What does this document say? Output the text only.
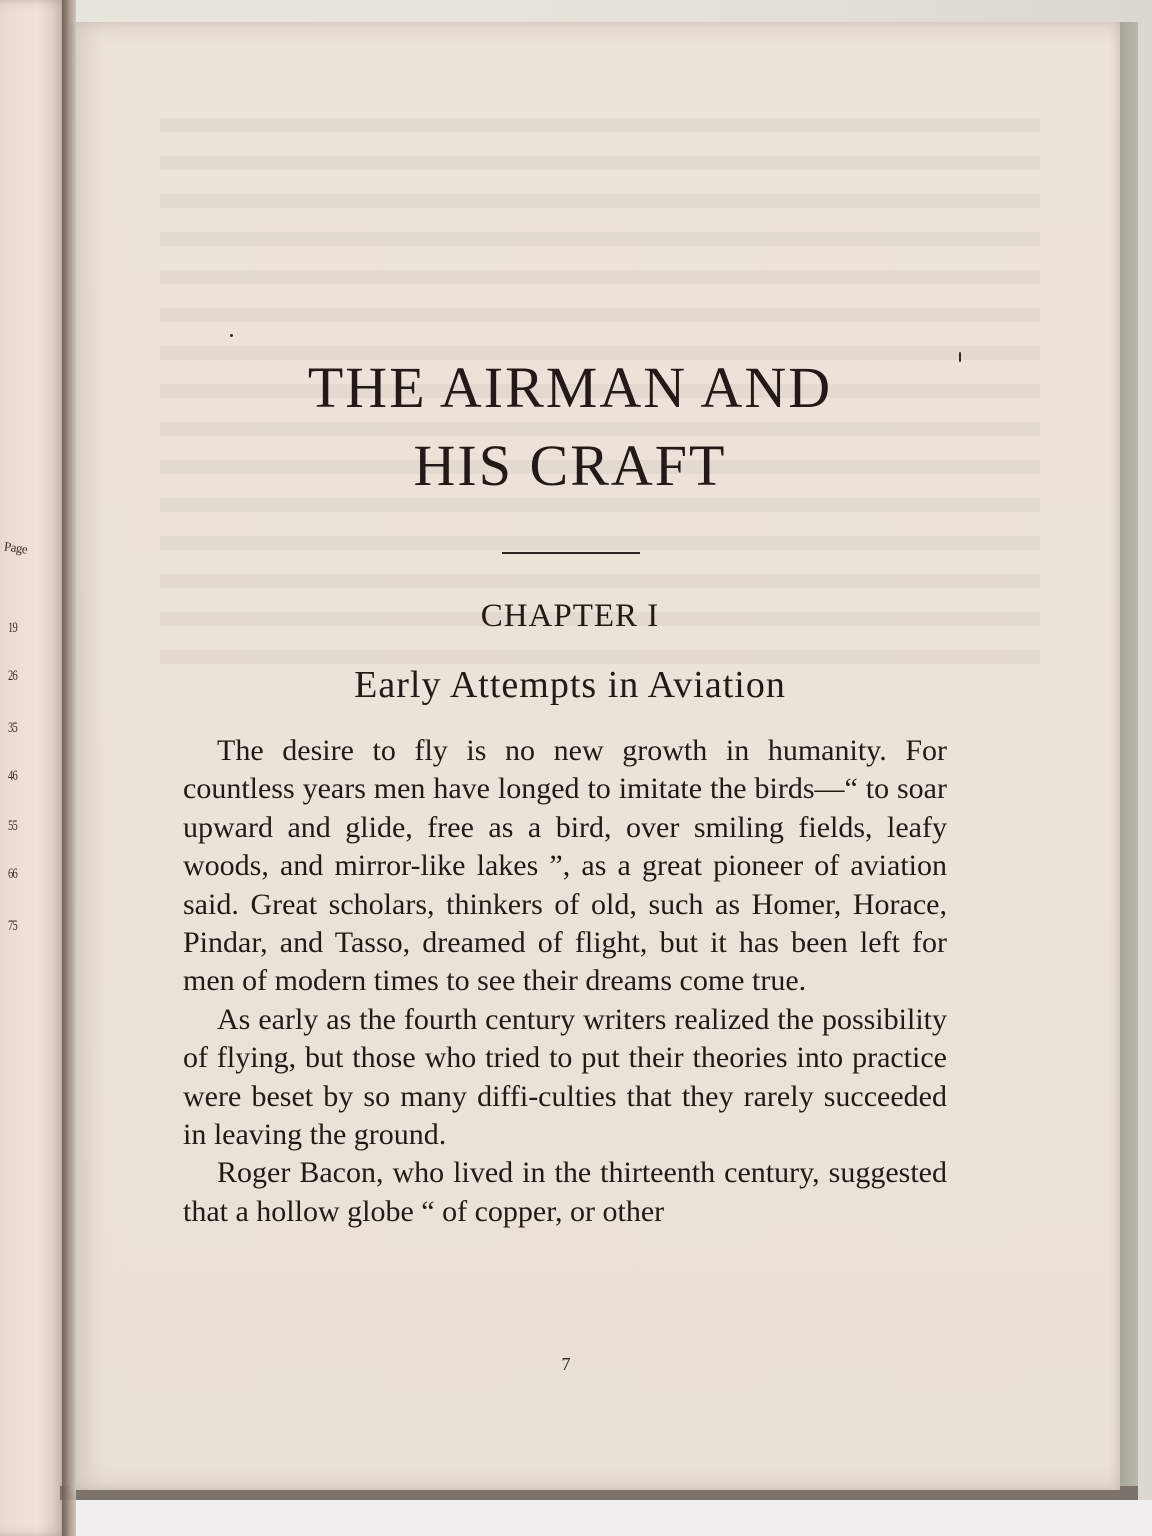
Page
19
26
35
46
55
66
75
THE AIRMAN AND
HIS CRAFT
CHAPTER I
Early Attempts in Aviation

The desire to fly is no new growth in humanity. For countless years men have longed to imitate the birds—“ to soar upward and glide, free as a bird, over smiling fields, leafy woods, and mirror-like lakes ”, as a great pioneer of aviation said. Great scholars, thinkers of old, such as Homer, Horace, Pindar, and Tasso, dreamed of flight, but it has been left for men of modern times to see their dreams come true.

As early as the fourth century writers realized the possibility of flying, but those who tried to put their theories into practice were beset by so many diffi-culties that they rarely succeeded in leaving the ground.

Roger Bacon, who lived in the thirteenth century, suggested that a hollow globe “ of copper, or other

7
